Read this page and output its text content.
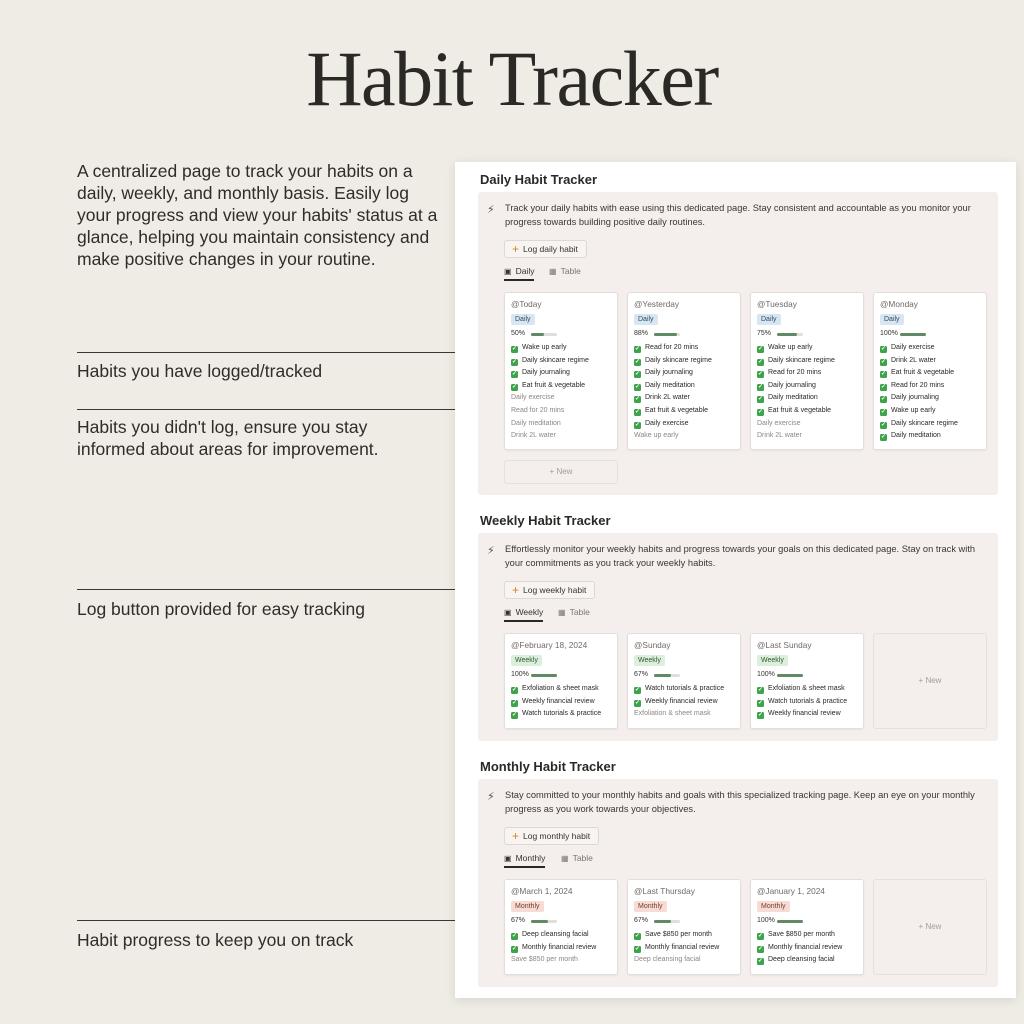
Habit Tracker
A centralized page to track your habits on a daily, weekly, and monthly basis. Easily log your progress and view your habits' status at a glance, helping you maintain consistency and make positive changes in your routine.
Habits you have logged/tracked
Habits you didn't log, ensure you stay informed about areas for improvement.
Log button provided for easy tracking
Habit progress to keep you on track
Daily Habit Tracker
⚡︎ Track your daily habits with ease using this dedicated page. Stay consistent and accountable as you monitor your progress towards building positive daily routines.
+ Log daily habit
▣ Daily ▦ Table
@Today
Daily
50%
✓ Wake up early
✓ Daily skincare regime
✓ Daily journaling
✓ Eat fruit & vegetable
Daily exercise
Read for 20 mins
Daily meditation
Drink 2L water
@Yesterday
Daily
88%
✓ Read for 20 mins
✓ Daily skincare regime
✓ Daily journaling
✓ Daily meditation
✓ Drink 2L water
✓ Eat fruit & vegetable
✓ Daily exercise
Wake up early
@Tuesday
Daily
75%
✓ Wake up early
✓ Daily skincare regime
✓ Read for 20 mins
✓ Daily journaling
✓ Daily meditation
✓ Eat fruit & vegetable
Daily exercise
Drink 2L water
@Monday
Daily
100%
✓ Daily exercise
✓ Drink 2L water
✓ Eat fruit & vegetable
✓ Read for 20 mins
✓ Daily journaling
✓ Wake up early
✓ Daily skincare regime
✓ Daily meditation
+ New
Weekly Habit Tracker
⚡︎ Effortlessly monitor your weekly habits and progress towards your goals on this dedicated page. Stay on track with your commitments as you track your weekly habits.
+ Log weekly habit
▣ Weekly ▦ Table
@February 18, 2024
Weekly
100%
✓ Exfoliation & sheet mask
✓ Weekly financial review
✓ Watch tutorials & practice
@Sunday
Weekly
67%
✓ Watch tutorials & practice
✓ Weekly financial review
Exfoliation & sheet mask
@Last Sunday
Weekly
100%
✓ Exfoliation & sheet mask
✓ Watch tutorials & practice
✓ Weekly financial review
+ New
Monthly Habit Tracker
⚡︎ Stay committed to your monthly habits and goals with this specialized tracking page. Keep an eye on your monthly progress as you work towards your objectives.
+ Log monthly habit
▣ Monthly ▦ Table
@March 1, 2024
Monthly
67%
✓ Deep cleansing facial
✓ Monthly financial review
Save $850 per month
@Last Thursday
Monthly
67%
✓ Save $850 per month
✓ Monthly financial review
Deep cleansing facial
@January 1, 2024
Monthly
100%
✓ Save $850 per month
✓ Monthly financial review
✓ Deep cleansing facial
+ New
